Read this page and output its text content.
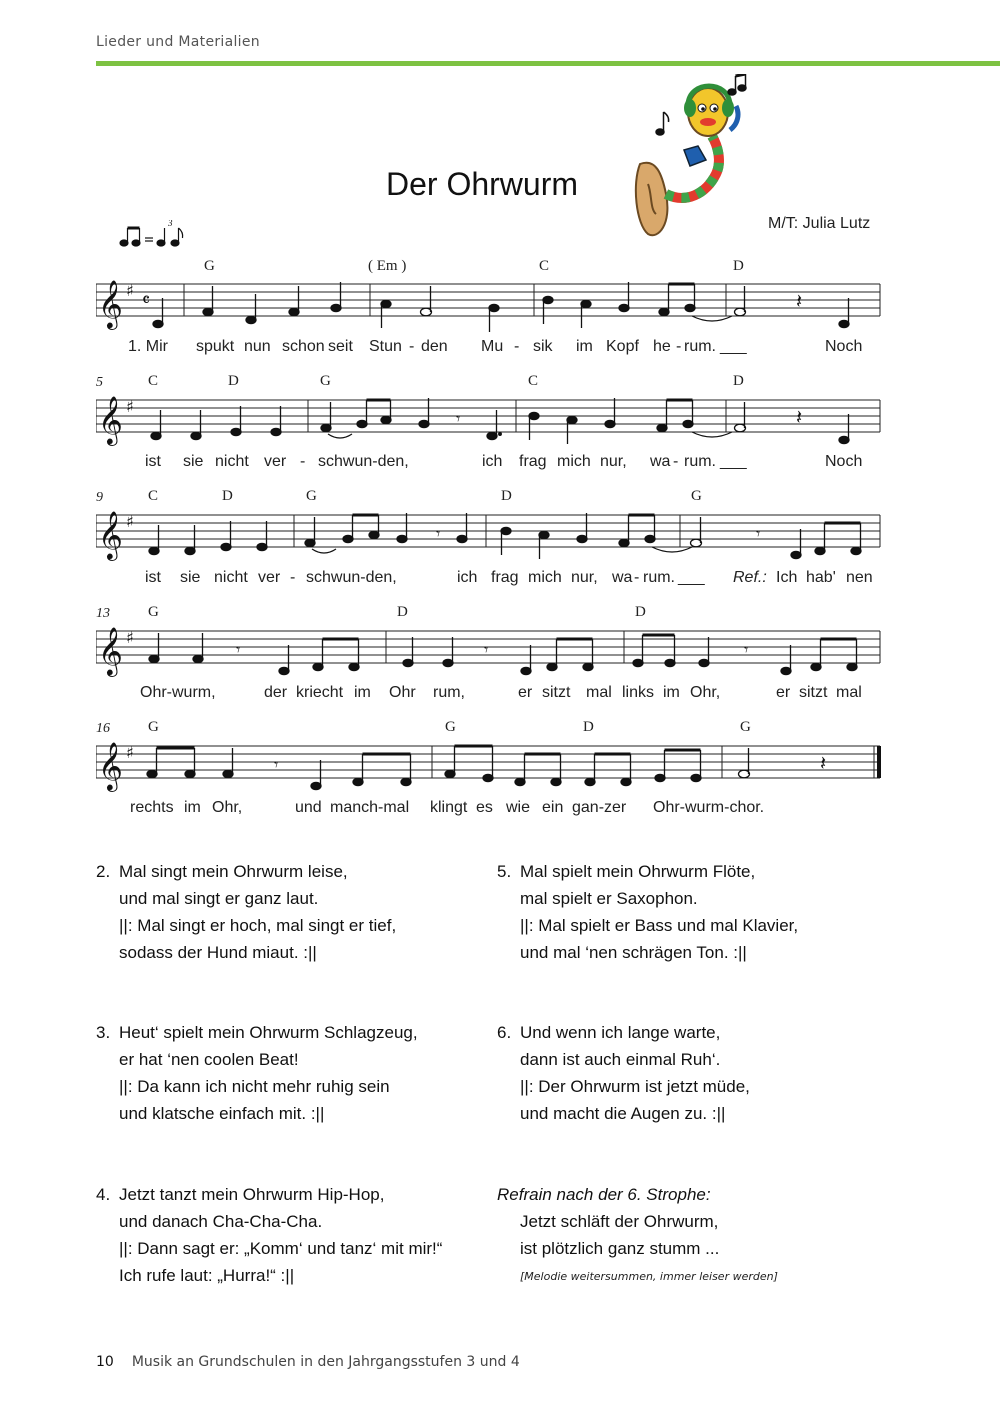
Lieder und Materialien
Der Ohrwurm
M/T: Julia Lutz
3
G	( Em )	C	D
𝄞 ♯ 𝄴	𝄽
1. Mir spukt nun schon seit Stun - den Mu - sik im Kopf he - rum. ___	Noch
5	C	D	G	C	D
𝄞 ♯
𝄾	𝄽
ist sie nicht ver - schwun-den,	ich frag mich nur, wa - rum. ___	Noch
9	C	D	G	D	G
𝄞 ♯
𝄾	𝄾
ist sie nicht ver - schwun-den,	ich frag mich nur, wa - rum. ___ Ref.: Ich hab' nen
13	G	D	D
𝄞 ♯
𝄾	𝄾	𝄾
Ohr-wurm,	der kriecht im Ohr rum,	er sitzt mal links im Ohr,	er sitzt mal
16	G	G	D	G
𝄞 ♯
𝄾	𝄽
rechts im Ohr,	und manch-mal klingt es wie ein gan-zer Ohr-wurm-chor.
2. Mal singt mein Ohrwurm leise,
und mal singt er ganz laut.
||: Mal singt er hoch, mal singt er tief,
sodass der Hund miaut. :||
5. Mal spielt mein Ohrwurm Flöte,
mal spielt er Saxophon.
||: Mal spielt er Bass und mal Klavier,
und mal ‘nen schrägen Ton. :||
3. Heut‘ spielt mein Ohrwurm Schlagzeug,
er hat ‘nen coolen Beat!
||: Da kann ich nicht mehr ruhig sein
und klatsche einfach mit. :||
6. Und wenn ich lange warte,
dann ist auch einmal Ruh‘.
||: Der Ohrwurm ist jetzt müde,
und macht die Augen zu. :||
4. Jetzt tanzt mein Ohrwurm Hip-Hop,
und danach Cha-Cha-Cha.
||: Dann sagt er: „Komm‘ und tanz‘ mit mir!“
Ich rufe laut: „Hurra!“ :||
Refrain nach der 6. Strophe:
Jetzt schläft der Ohrwurm,
ist plötzlich ganz stumm ...
[Melodie weitersummen, immer leiser werden]
10 Musik an Grundschulen in den Jahrgangsstufen 3 und 4
